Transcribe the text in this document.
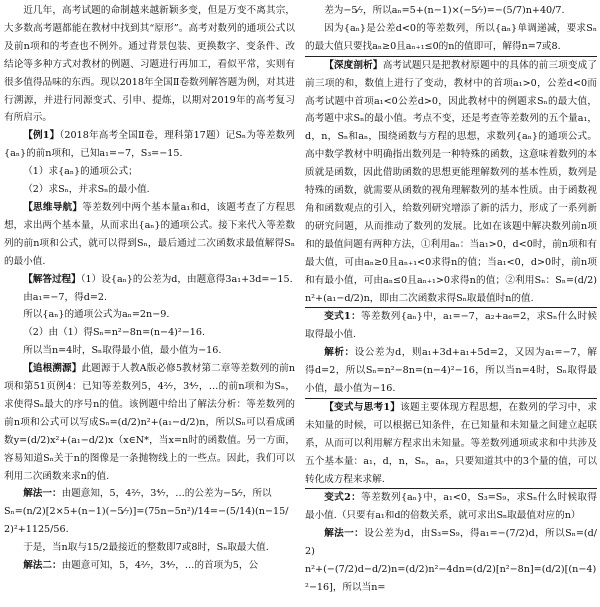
近几年，高考试题的命制越来越新颖多变，但是万变不离其宗，大多数高考题都能在教材中找到其“原形”。高考对数列的通项公式以及前n项和的考查也不例外。通过背景包装、更换数字、变条件、改结论等多种方式对教材的例题、习题进行再加工，看似平常，实则有很多值得品味的东西。现以2018年全国Ⅱ卷数列解答题为例，对其进行溯源，并进行同源变式、引申、提炼，以期对2019年的高考复习有所启示。

【例1】（2018年高考全国Ⅱ卷，理科第17题）记Sₙ为等差数列{aₙ}的前n项和，已知a₁=−7，S₃=−15.

（1）求{aₙ}的通项公式；

（2）求Sₙ，并求Sₙ的最小值.

【思维导航】等差数列中两个基本量a₁和d，该题考查了方程思想，求出两个基本量，从而求出{aₙ}的通项公式。接下来代入等差数列的前n项和公式，就可以得到Sₙ，最后通过二次函数求最值解得Sₙ的最小值.

【解答过程】（1）设{aₙ}的公差为d，由题意得3a₁+3d=−15.

由a₁=−7，得d=2.

所以{aₙ}的通项公式为aₙ=2n−9.

（2）由（1）得Sₙ=n²−8n=(n−4)²−16.

所以当n=4时，Sₙ取得最小值，最小值为−16.

【追根溯源】此题源于人教A版必修5教材第二章等差数列的前n项和第51页例4：已知等差数列5，4²⁄₇，3⁴⁄₇，…的前n项和为Sₙ，求使得Sₙ最大的序号n的值。该例题中给出了解法分析：等差数列的前n项和公式可以写成Sₙ=(d/2)n²+(a₁−d/2)n，所以Sₙ可以看成函数y=(d/2)x²+(a₁−d/2)x（x∈N*，当x=n时的函数值。另一方面，容易知道Sₙ关于n的图像是一条抛物线上的一些点。因此，我们可以利用二次函数来求n的值.

解法一：由题意知，5，4²⁄₇，3⁴⁄₇，…的公差为−5⁄₇，所以

Sₙ=(n/2)[2×5+(n−1)(−5⁄₇)]=(75n−5n²)/14=−(5/14)(n−15/2)²+1125/56.

于是，当n取与15/2最接近的整数即7或8时，Sₙ取最大值.

解法二：由题意可知，5，4²⁄₇，3⁴⁄₇，…的首项为5，公

差为−5⁄₇，所以aₙ=5+(n−1)×(−5⁄₇)=−(5/7)n+40/7.

因为{aₙ}是公差d<0的等差数列，所以{aₙ}单调递减，要求Sₙ的最大值只要找aₙ≥0且aₙ₊₁≤0的n的值即可，解得n=7或8.

【深度剖析】高考试题只是把教材原题中的具体的前三项变成了前三项的和，数值上进行了变动，教材中的首项a₁>0，公差d<0而高考试题中首项a₁<0公差d>0，因此教材中的例题求Sₙ的最大值，高考题中求Sₙ的最小值。考点不变，还是考查等差数列的五个量a₁，d，n，Sₙ和aₙ，围绕函数与方程的思想，求数列{aₙ}的通项公式。高中数学教材中明确指出数列是一种特殊的函数，这意味着数列的本质就是函数，因此借助函数的思想更能理解数列的基本性质，数列是特殊的函数，就需要从函数的视角理解数列的基本性质。由于函数视角和函数观点的引入，给数列研究增添了新的活力，形成了一系列新的研究问题，从而推动了数列的发展。比如在该题中解决数列前n项和的最值问题有两种方法，①利用aₙ：当a₁>0，d<0时，前n项和有最大值，可由aₙ≥0且aₙ₊₁<0求得n的值；当a₁<0，d>0时，前n项和有最小值，可由aₙ≤0且aₙ₊₁>0求得n的值；②利用Sₙ：Sₙ=(d/2)n²+(a₁−d/2)n，即由二次函数求得Sₙ取最值时n的值.

变式1：等差数列{aₙ}中，a₁=−7，a₂+a₆=2，求Sₙ什么时候取得最小值.

解析：设公差为d，则a₁+3d+a₁+5d=2，又因为a₁=−7，解得d=2，所以Sₙ=n²−8n=(n−4)²−16，所以当n=4时，Sₙ取得最小值，最小值为−16.

【变式与思考1】该题主要体现方程思想，在数列的学习中，求未知量的时候，可以根据已知条件，在已知量和未知量之间建立起联系，从而可以利用解方程求出未知量。等差数列通项或求和中共涉及五个基本量：a₁，d，n，Sₙ，aₙ，只要知道其中的3个量的值，可以转化成方程来求解.

变式2：等差数列{aₙ}中，a₁<0，S₃=S₉，求Sₙ什么时候取得最小值.（只要有a₁和d的倍数关系，就可求出Sₙ取最值对应的n）

解法一：设公差为d，由S₃=S₉，得a₁=−(7/2)d，所以Sₙ=(d/2)

n²+(−(7/2)d−d/2)n=(d/2)n²−4dn=(d/2)[n²−8n]=(d/2)[(n−4)²−16]，所以当n=
